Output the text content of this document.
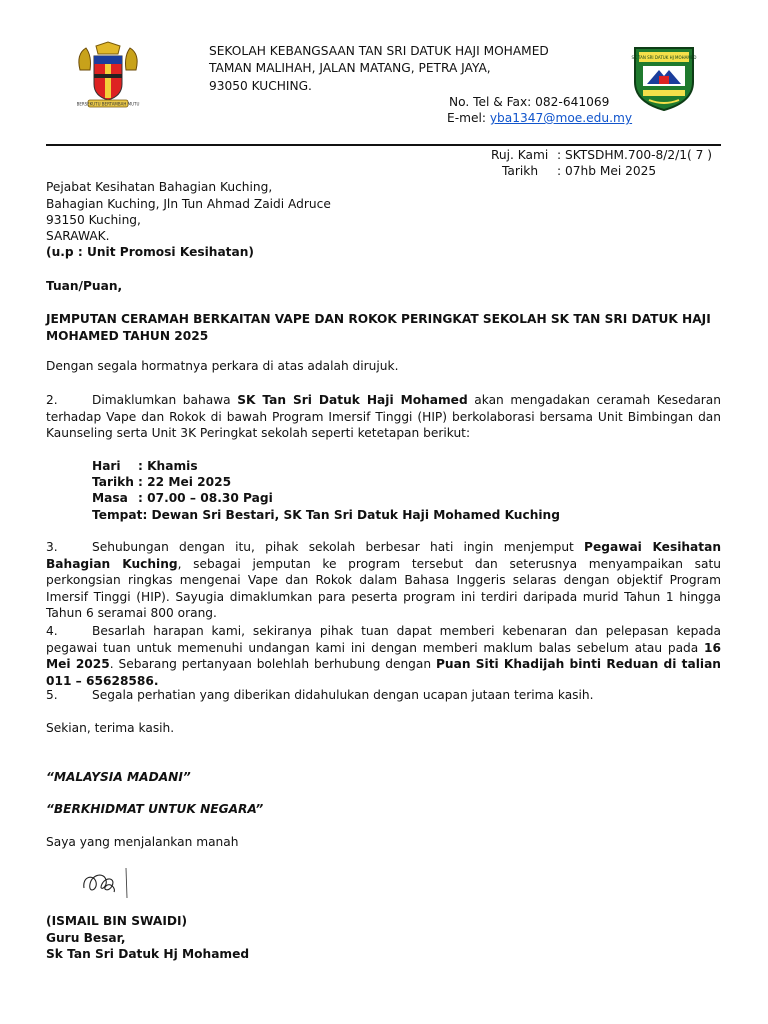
BERSEKUTU BERTAMBAH MUTU
SEKOLAH KEBANGSAAN TAN SRI DATUK HAJI MOHAMED
TAMAN MALIHAH, JALAN MATANG, PETRA JAYA,
93050 KUCHING.
No. Tel & Fax: 082-641069
E-mel: yba1347@moe.edu.my
SK TAN SRI DATUK HJ MOHAMED
Ruj. Kami : SKTSDHM.700-8/2/1( 7 )
Tarikh : 07hb Mei 2025
Pejabat Kesihatan Bahagian Kuching,
Bahagian Kuching, Jln Tun Ahmad Zaidi Adruce
93150 Kuching,
SARAWAK.
(u.p : Unit Promosi Kesihatan)
Tuan/Puan,
JEMPUTAN CERAMAH BERKAITAN VAPE DAN ROKOK PERINGKAT SEKOLAH SK TAN SRI DATUK HAJI MOHAMED TAHUN 2025
Dengan segala hormatnya perkara di atas adalah dirujuk.
2.	Dimaklumkan bahawa SK Tan Sri Datuk Haji Mohamed akan mengadakan ceramah Kesedaran terhadap Vape dan Rokok di bawah Program Imersif Tinggi (HIP) berkolaborasi bersama Unit Bimbingan dan Kaunseling serta Unit 3K Peringkat sekolah seperti ketetapan berikut:
Hari : Khamis
Tarikh : 22 Mei 2025
Masa : 07.00 – 08.30 Pagi
Tempat: Dewan Sri Bestari, SK Tan Sri Datuk Haji Mohamed Kuching
3.	Sehubungan dengan itu, pihak sekolah berbesar hati ingin menjemput Pegawai Kesihatan Bahagian Kuching, sebagai jemputan ke program tersebut dan seterusnya menyampaikan satu perkongsian ringkas mengenai Vape dan Rokok dalam Bahasa Inggeris selaras dengan objektif Program Imersif Tinggi (HIP). Sayugia dimaklumkan para peserta program ini terdiri daripada murid Tahun 1 hingga Tahun 6 seramai 800 orang.
4.	Besarlah harapan kami, sekiranya pihak tuan dapat memberi kebenaran dan pelepasan kepada pegawai tuan untuk memenuhi undangan kami ini dengan memberi maklum balas sebelum atau pada 16 Mei 2025. Sebarang pertanyaan bolehlah berhubung dengan Puan Siti Khadijah binti Reduan di talian 011 – 65628586.
5.	Segala perhatian yang diberikan didahulukan dengan ucapan jutaan terima kasih.
Sekian, terima kasih.
“MALAYSIA MADANI”
“BERKHIDMAT UNTUK NEGARA”
Saya yang menjalankan manah
(ISMAIL BIN SWAIDI)
Guru Besar,
Sk Tan Sri Datuk Hj Mohamed
